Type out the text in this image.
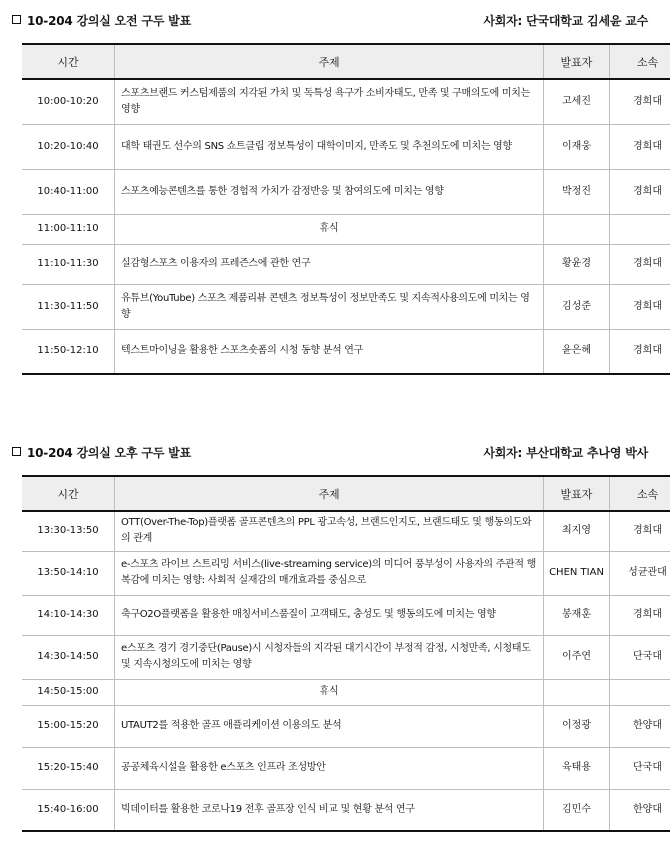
10-204 강의실 오전 구두 발표	사회자: 단국대학교 김세윤 교수
시간	주제	발표자	소속
10:00-10:20	스포츠브랜드 커스텀제품의 지각된 가치 및 독특성 욕구가 소비자태도, 만족 및 구매의도에 미치는 영향	고세진	경희대
10:20-10:40	대학 태권도 선수의 SNS 쇼트클립 정보특성이 대학이미지, 만족도 및 추천의도에 미치는 영향	이재웅	경희대
10:40-11:00	스포츠예능콘텐츠를 통한 경험적 가치가 감정반응 및 참여의도에 미치는 영향	박정진	경희대
11:00-11:10	휴식		
11:10-11:30	실감형스포츠 이용자의 프레즌스에 관한 연구	황윤경	경희대
11:30-11:50	유튜브(YouTube) 스포츠 제품리뷰 콘텐츠 정보특성이 정보만족도 및 지속적사용의도에 미치는 영향	김성준	경희대
11:50-12:10	텍스트마이닝을 활용한 스포츠숏폼의 시청 동향 분석 연구	윤은혜	경희대
10-204 강의실 오후 구두 발표	사회자: 부산대학교 추나영 박사
시간	주제	발표자	소속
13:30-13:50	OTT(Over-The-Top)플랫폼 골프콘텐츠의 PPL 광고속성, 브랜드인지도, 브랜드태도 및 행동의도와의 관계	최지영	경희대
13:50-14:10	e-스포츠 라이브 스트리밍 서비스(live-streaming service)의 미디어 풍부성이 사용자의 주관적 행복감에 미치는 영향: 사회적 실재감의 매개효과를 중심으로	CHEN TIAN	성균관대
14:10-14:30	축구O2O플랫폼을 활용한 매칭서비스품질이 고객태도, 충성도 및 행동의도에 미치는 영향	봉재훈	경희대
14:30-14:50	e스포츠 경기 경기중단(Pause)시 시청자들의 지각된 대기시간이 부정적 감정, 시청만족, 시청태도 및 지속시청의도에 미치는 영향	이주연	단국대
14:50-15:00	휴식		
15:00-15:20	UTAUT2를 적용한 골프 애플리케이션 이용의도 분석	이정광	한양대
15:20-15:40	공공체육시설을 활용한 e스포츠 인프라 조성방안	육태용	단국대
15:40-16:00	빅데이터를 활용한 코로나19 전후 골프장 인식 비교 및 현황 분석 연구	김민수	한양대
